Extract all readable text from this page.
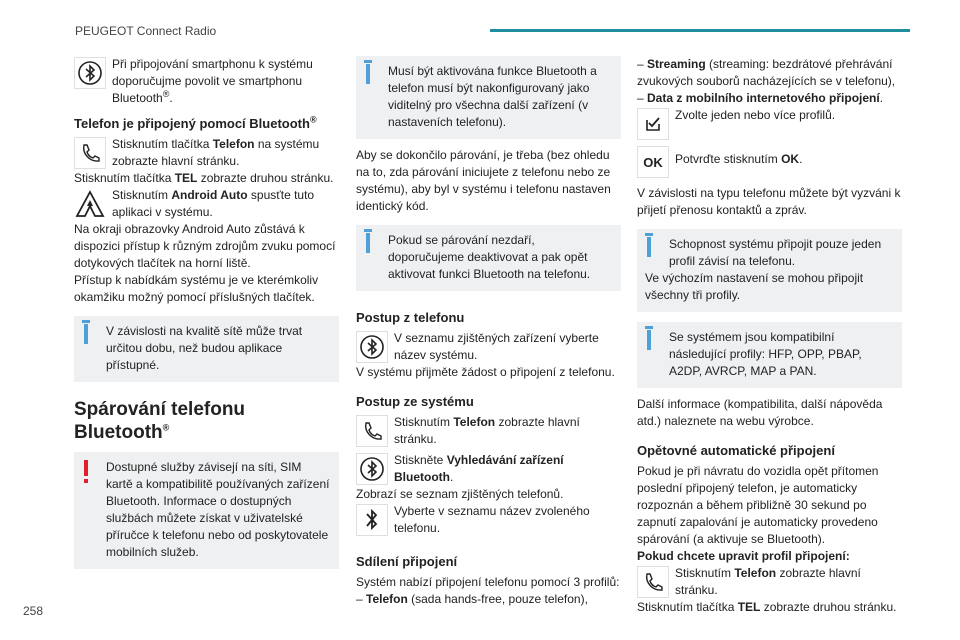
PEUGEOT Connect Radio
258

Při připojování smartphonu k systému doporučujme povolit ve smartphonu Bluetooth®.

Telefon je připojený pomocí Bluetooth®

Stisknutím tlačítka Telefon na systému zobrazte hlavní stránku.

Stisknutím tlačítka TEL zobrazte druhou stránku.

Stisknutím Android Auto spusťte tuto aplikaci v systému.

Na okraji obrazovky Android Auto zůstává k dispozici přístup k různým zdrojům zvuku pomocí dotykových tlačítek na horní liště.

Přístup k nabídkám systému je ve kterémkoliv okamžiku možný pomocí příslušných tlačítek.

V závislosti na kvalitě sítě může trvat určitou dobu, než budou aplikace přístupné.

Spárování telefonu Bluetooth®

Dostupné služby závisejí na síti, SIM kartě a kompatibilitě používaných zařízení Bluetooth. Informace o dostupných službách můžete získat v uživatelské příručce k telefonu nebo od poskytovatele mobilních služeb.

Musí být aktivována funkce Bluetooth a telefon musí být nakonfigurovaný jako viditelný pro všechna další zařízení (v nastaveních telefonu).

Aby se dokončilo párování, je třeba (bez ohledu na to, zda párování iniciujete z telefonu nebo ze systému), aby byl v systému i telefonu nastaven identický kód.

Pokud se párování nezdaří, doporučujeme deaktivovat a pak opět aktivovat funkci Bluetooth na telefonu.

Postup z telefonu

V seznamu zjištěných zařízení vyberte název systému.

V systému přijměte žádost o připojení z telefonu.

Postup ze systému

Stisknutím Telefon zobrazte hlavní stránku.

Stiskněte Vyhledávání zařízení Bluetooth.

Zobrazí se seznam zjištěných telefonů.

Vyberte v seznamu název zvoleného telefonu.

Sdílení připojení

Systém nabízí připojení telefonu pomocí 3 profilů:

– Telefon (sada hands-free, pouze telefon),

– Streaming (streaming: bezdrátové přehrávání zvukových souborů nacházejících se v telefonu),

– Data z mobilního internetového připojení.

Zvolte jeden nebo více profilů.

OK Potvrďte stisknutím OK.

V závislosti na typu telefonu můžete být vyzváni k přijetí přenosu kontaktů a zpráv.

Schopnost systému připojit pouze jeden profil závisí na telefonu.

Ve výchozím nastavení se mohou připojit všechny tři profily.

Se systémem jsou kompatibilní následující profily: HFP, OPP, PBAP, A2DP, AVRCP, MAP a PAN.

Další informace (kompatibilita, další nápověda atd.) naleznete na webu výrobce.

Opětovné automatické připojení

Pokud je při návratu do vozidla opět přítomen poslední připojený telefon, je automaticky rozpoznán a během přibližně 30 sekund po zapnutí zapalování je automaticky provedeno spárování (a aktivuje se Bluetooth).

Pokud chcete upravit profil připojení:

Stisknutím Telefon zobrazte hlavní stránku.

Stisknutím tlačítka TEL zobrazte druhou stránku.
